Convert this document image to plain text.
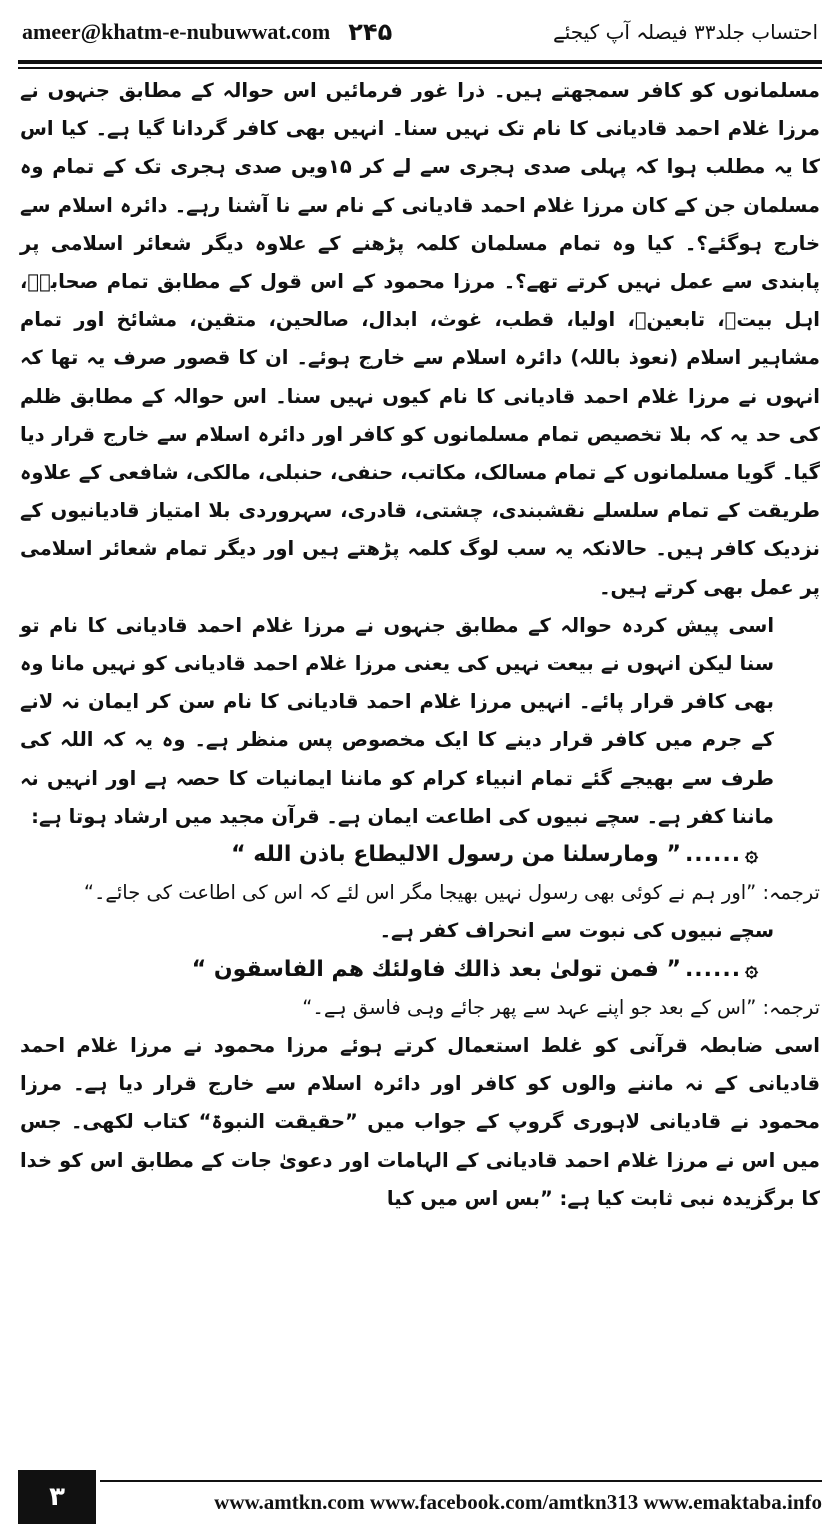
ameer@khatm-e-nubuwwat.com ۲۴۵	احتساب جلد۳۳ فیصلہ آپ کیجئے

مسلمانوں کو کافر سمجھتے ہیں۔ ذرا غور فرمائیں اس حوالہ کے مطابق جنہوں نے مرزا غلام احمد قادیانی کا نام تک نہیں سنا۔ انہیں بھی کافر گردانا گیا ہے۔ کیا اس کا یہ مطلب ہوا کہ پہلی صدی ہجری سے لے کر ۱۵ویں صدی ہجری تک کے تمام وہ مسلمان جن کے کان مرزا غلام احمد قادیانی کے نام سے نا آشنا رہے۔ دائرہ اسلام سے خارج ہوگئے؟۔ کیا وہ تمام مسلمان کلمہ پڑھنے کے علاوہ دیگر شعائر اسلامی پر پابندی سے عمل نہیں کرتے تھے؟۔ مرزا محمود کے اس قول کے مطابق تمام صحابہؓ، اہل بیتؓ، تابعینؒ، اولیا، قطب، غوث، ابدال، صالحین، متقین، مشائخ اور تمام مشاہیر اسلام (نعوذ باللہ) دائرہ اسلام سے خارج ہوئے۔ ان کا قصور صرف یہ تھا کہ انہوں نے مرزا غلام احمد قادیانی کا نام کیوں نہیں سنا۔ اس حوالہ کے مطابق ظلم کی حد یہ کہ بلا تخصیص تمام مسلمانوں کو کافر اور دائرہ اسلام سے خارج قرار دیا گیا۔ گویا مسلمانوں کے تمام مسالک، مکاتب، حنفی، حنبلی، مالکی، شافعی کے علاوہ طریقت کے تمام سلسلے نقشبندی، چشتی، قادری، سہروردی بلا امتیاز قادیانیوں کے نزدیک کافر ہیں۔ حالانکہ یہ سب لوگ کلمہ پڑھتے ہیں اور دیگر تمام شعائر اسلامی پر عمل بھی کرتے ہیں۔

اسی پیش کردہ حوالہ کے مطابق جنہوں نے مرزا غلام احمد قادیانی کا نام تو سنا لیکن انہوں نے بیعت نہیں کی یعنی مرزا غلام احمد قادیانی کو نہیں مانا وہ بھی کافر قرار پائے۔ انہیں مرزا غلام احمد قادیانی کا نام سن کر ایمان نہ لانے کے جرم میں کافر قرار دینے کا ایک مخصوص پس منظر ہے۔ وہ یہ کہ اللہ کی طرف سے بھیجے گئے تمام انبیاء کرام کو ماننا ایمانیات کا حصہ ہے اور انہیں نہ ماننا کفر ہے۔ سچے نبیوں کی اطاعت ایمان ہے۔ قرآن مجید میں ارشاد ہوتا ہے:

۞
......
” ومارسلنا من رسول الالیطاع باذن الله “

ترجمہ: ”اور ہم نے کوئی بھی رسول نہیں بھیجا مگر اس لئے کہ اس کی اطاعت کی جائے۔“

سچے نبیوں کی نبوت سے انحراف کفر ہے۔

۞
......
” فمن تولیٰ بعد ذالك فاولئك هم الفاسقون “

ترجمہ: ”اس کے بعد جو اپنے عہد سے پھر جائے وہی فاسق ہے۔“

اسی ضابطہ قرآنی کو غلط استعمال کرتے ہوئے مرزا محمود نے مرزا غلام احمد قادیانی کے نہ ماننے والوں کو کافر اور دائرہ اسلام سے خارج قرار دیا ہے۔ مرزا محمود نے قادیانی لاہوری گروپ کے جواب میں ”حقیقت النبوۃ“ کتاب لکھی۔ جس میں اس نے مرزا غلام احمد قادیانی کے الہامات اور دعویٰ جات کے مطابق اس کو خدا کا برگزیدہ نبی ثابت کیا ہے: ”بس اس میں کیا

۳	www.amtkn.com www.facebook.com/amtkn313 www.emaktaba.info
